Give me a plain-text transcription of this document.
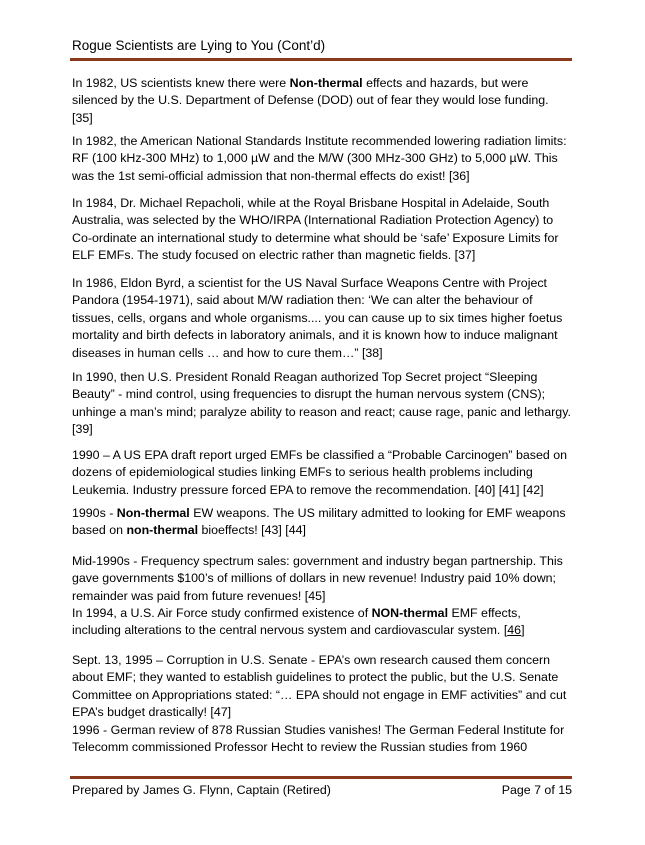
Rogue Scientists are Lying to You (Cont’d)

In 1982, US scientists knew there were Non-thermal effects and hazards, but were silenced by the U.S. Department of Defense (DOD) out of fear they would lose funding. [35]

In 1982, the American National Standards Institute recommended lowering radiation limits: RF (100 kHz-300 MHz) to 1,000 µW and the M/W (300 MHz-300 GHz) to 5,000 µW. This was the 1st semi-official admission that non-thermal effects do exist! [36]

In 1984, Dr. Michael Repacholi, while at the Royal Brisbane Hospital in Adelaide, South Australia, was selected by the WHO/IRPA (International Radiation Protection Agency) to Co-ordinate an international study to determine what should be ‘safe’ Exposure Limits for ELF EMFs. The study focused on electric rather than magnetic fields. [37]

In 1986, Eldon Byrd, a scientist for the US Naval Surface Weapons Centre with Project Pandora (1954-1971), said about M/W radiation then: ‘We can alter the behaviour of tissues, cells, organs and whole organisms.... you can cause up to six times higher foetus mortality and birth defects in laboratory animals, and it is known how to induce malignant diseases in human cells … and how to cure them…” [38]

In 1990, then U.S. President Ronald Reagan authorized Top Secret project “Sleeping Beauty” - mind control, using frequencies to disrupt the human nervous system (CNS); unhinge a man’s mind; paralyze ability to reason and react; cause rage, panic and lethargy. [39]

1990 – A US EPA draft report urged EMFs be classified a “Probable Carcinogen” based on dozens of epidemiological studies linking EMFs to serious health problems including Leukemia. Industry pressure forced EPA to remove the recommendation. [40] [41] [42]

1990s - Non-thermal EW weapons. The US military admitted to looking for EMF weapons based on non-thermal bioeffects! [43] [44]

Mid-1990s - Frequency spectrum sales: government and industry began partnership. This gave governments $100’s of millions of dollars in new revenue! Industry paid 10% down; remainder was paid from future revenues! [45]

In 1994, a U.S. Air Force study confirmed existence of NON-thermal EMF effects, including alterations to the central nervous system and cardiovascular system. [46]

Sept. 13, 1995 – Corruption in U.S. Senate - EPA’s own research caused them concern about EMF; they wanted to establish guidelines to protect the public, but the U.S. Senate Committee on Appropriations stated: “… EPA should not engage in EMF activities” and cut EPA’s budget drastically! [47]

1996 - German review of 878 Russian Studies vanishes! The German Federal Institute for Telecomm commissioned Professor Hecht to review the Russian studies from 1960

Prepared by James G. Flynn, Captain (Retired)	Page 7 of 15
